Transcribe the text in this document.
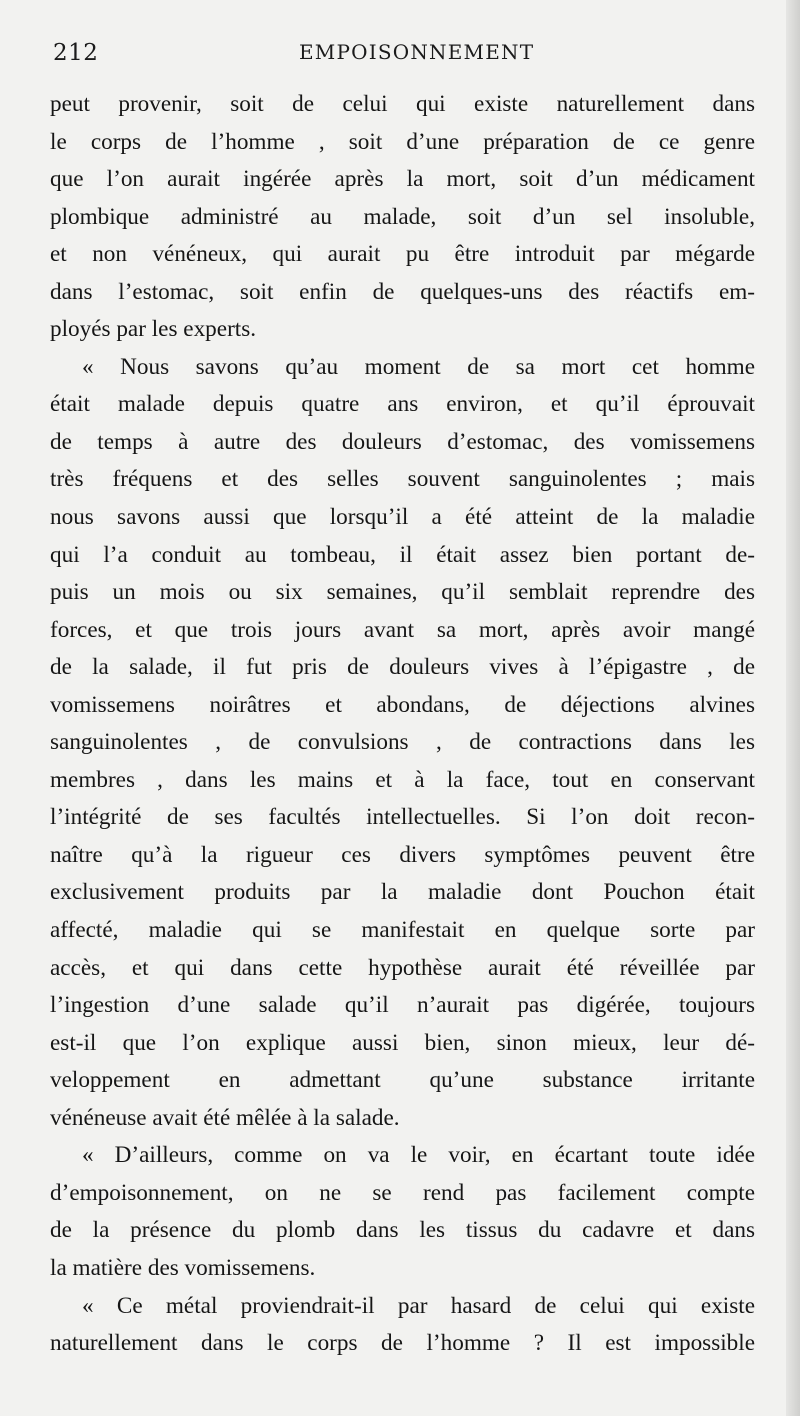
212	EMPOISONNEMENT
peut provenir, soit de celui qui existe naturellement dans
le corps de l’homme , soit d’une préparation de ce genre
que l’on aurait ingérée après la mort, soit d’un médicament
plombique administré au malade, soit d’un sel insoluble,
et non vénéneux, qui aurait pu être introduit par mégarde
dans l’estomac, soit enfin de quelques-uns des réactifs em-
ployés par les experts.
« Nous savons qu’au moment de sa mort cet homme
était malade depuis quatre ans environ, et qu’il éprouvait
de temps à autre des douleurs d’estomac, des vomissemens
très fréquens et des selles souvent sanguinolentes ; mais
nous savons aussi que lorsqu’il a été atteint de la maladie
qui l’a conduit au tombeau, il était assez bien portant de-
puis un mois ou six semaines, qu’il semblait reprendre des
forces, et que trois jours avant sa mort, après avoir mangé
de la salade, il fut pris de douleurs vives à l’épigastre , de
vomissemens noirâtres et abondans, de déjections alvines
sanguinolentes , de convulsions , de contractions dans les
membres , dans les mains et à la face, tout en conservant
l’intégrité de ses facultés intellectuelles. Si l’on doit recon-
naître qu’à la rigueur ces divers symptômes peuvent être
exclusivement produits par la maladie dont Pouchon était
affecté, maladie qui se manifestait en quelque sorte par
accès, et qui dans cette hypothèse aurait été réveillée par
l’ingestion d’une salade qu’il n’aurait pas digérée, toujours
est-il que l’on explique aussi bien, sinon mieux, leur dé-
veloppement en admettant qu’une substance irritante
vénéneuse avait été mêlée à la salade.
« D’ailleurs, comme on va le voir, en écartant toute idée
d’empoisonnement, on ne se rend pas facilement compte
de la présence du plomb dans les tissus du cadavre et dans
la matière des vomissemens.
« Ce métal proviendrait-il par hasard de celui qui existe
naturellement dans le corps de l’homme ? Il est impossible
